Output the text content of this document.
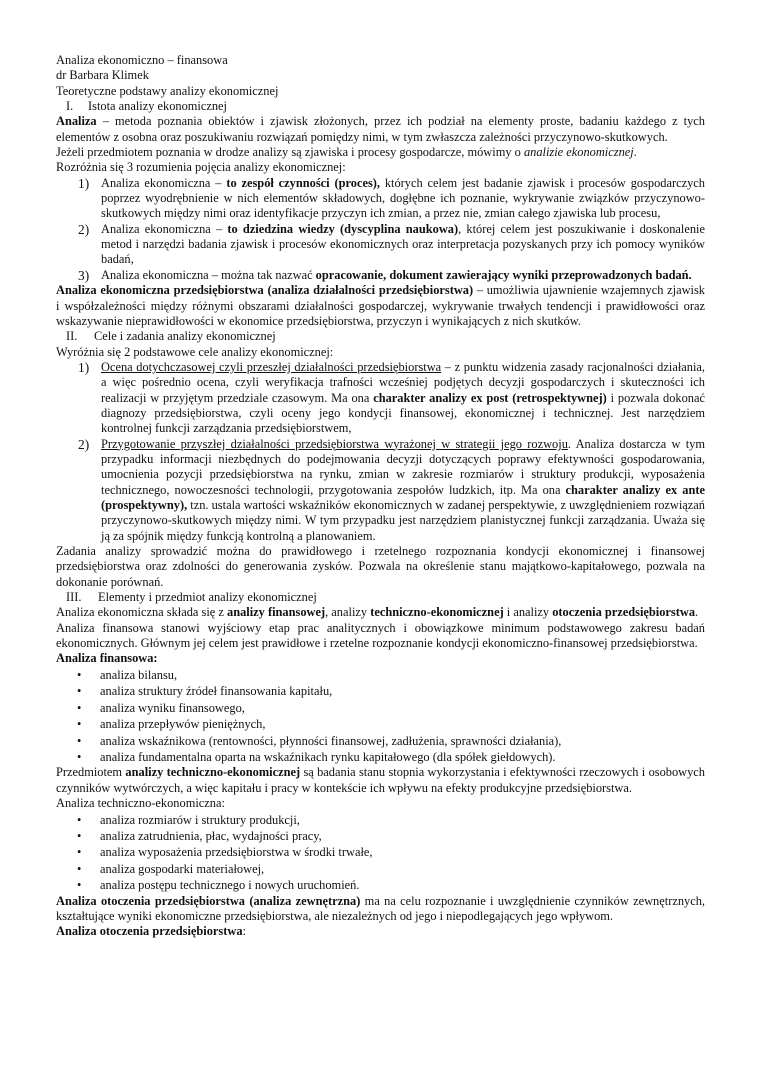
Analiza ekonomiczno – finansowa

dr Barbara Klimek

Teoretyczne podstawy analizy ekonomicznej

I. Istota analizy ekonomicznej

Analiza – metoda poznania obiektów i zjawisk złożonych, przez ich podział na elementy proste, badaniu każdego z tych elementów z osobna oraz poszukiwaniu rozwiązań pomiędzy nimi, w tym zwłaszcza zależności przyczynowo-skutkowych.

Jeżeli przedmiotem poznania w drodze analizy są zjawiska i procesy gospodarcze, mówimy o analizie ekonomicznej.

Rozróżnia się 3 rozumienia pojęcia analizy ekonomicznej:

1) Analiza ekonomiczna – to zespół czynności (proces), których celem jest badanie zjawisk i procesów gospodarczych poprzez wyodrębnienie w nich elementów składowych, dogłębne ich poznanie, wykrywanie związków przyczynowo-skutkowych między nimi oraz identyfikacje przyczyn ich zmian, a przez nie, zmian całego zjawiska lub procesu,
2) Analiza ekonomiczna – to dziedzina wiedzy (dyscyplina naukowa), której celem jest poszukiwanie i doskonalenie metod i narzędzi badania zjawisk i procesów ekonomicznych oraz interpretacja pozyskanych przy ich pomocy wyników badań,
3) Analiza ekonomiczna – można tak nazwać opracowanie, dokument zawierający wyniki przeprowadzonych badań.

Analiza ekonomiczna przedsiębiorstwa (analiza działalności przedsiębiorstwa) – umożliwia ujawnienie wzajemnych zjawisk i współzależności między różnymi obszarami działalności gospodarczej, wykrywanie trwałych tendencji i prawidłowości oraz wskazywanie nieprawidłowości w ekonomice przedsiębiorstwa, przyczyn i wynikających z nich skutków.

II. Cele i zadania analizy ekonomicznej

Wyróżnia się 2 podstawowe cele analizy ekonomicznej:

1) Ocena dotychczasowej czyli przeszłej działalności przedsiębiorstwa – z punktu widzenia zasady racjonalności działania, a więc pośrednio ocena, czyli weryfikacja trafności wcześniej podjętych decyzji gospodarczych i skuteczności ich realizacji w przyjętym przedziale czasowym. Ma ona charakter analizy ex post (retrospektywnej) i pozwala dokonać diagnozy przedsiębiorstwa, czyli oceny jego kondycji finansowej, ekonomicznej i technicznej. Jest narzędziem kontrolnej funkcji zarządzania przedsiębiorstwem,
2) Przygotowanie przyszłej działalności przedsiębiorstwa wyrażonej w strategii jego rozwoju. Analiza dostarcza w tym przypadku informacji niezbędnych do podejmowania decyzji dotyczących poprawy efektywności gospodarowania, umocnienia pozycji przedsiębiorstwa na rynku, zmian w zakresie rozmiarów i struktury produkcji, wyposażenia technicznego, nowoczesności technologii, przygotowania zespołów ludzkich, itp. Ma ona charakter analizy ex ante (prospektywny), tzn. ustala wartości wskaźników ekonomicznych w zadanej perspektywie, z uwzględnieniem rozwiązań przyczynowo-skutkowych między nimi. W tym przypadku jest narzędziem planistycznej funkcji zarządzania. Uważa się ją za spójnik między funkcją kontrolną a planowaniem.

Zadania analizy sprowadzić można do prawidłowego i rzetelnego rozpoznania kondycji ekonomicznej i finansowej przedsiębiorstwa oraz zdolności do generowania zysków. Pozwala na określenie stanu majątkowo-kapitałowego, pozwala na dokonanie porównań.

III. Elementy i przedmiot analizy ekonomicznej

Analiza ekonomiczna składa się z analizy finansowej, analizy techniczno-ekonomicznej i analizy otoczenia przedsiębiorstwa.

Analiza finansowa stanowi wyjściowy etap prac analitycznych i obowiązkowe minimum podstawowego zakresu badań ekonomicznych. Głównym jej celem jest prawidłowe i rzetelne rozpoznanie kondycji ekonomiczno-finansowej przedsiębiorstwa.

Analiza finansowa:

• analiza bilansu,
• analiza struktury źródeł finansowania kapitału,
• analiza wyniku finansowego,
• analiza przepływów pieniężnych,
• analiza wskaźnikowa (rentowności, płynności finansowej, zadłużenia, sprawności działania),
• analiza fundamentalna oparta na wskaźnikach rynku kapitałowego (dla spółek giełdowych).

Przedmiotem analizy techniczno-ekonomicznej są badania stanu stopnia wykorzystania i efektywności rzeczowych i osobowych czynników wytwórczych, a więc kapitału i pracy w kontekście ich wpływu na efekty produkcyjne przedsiębiorstwa.

Analiza techniczno-ekonomiczna:

• analiza rozmiarów i struktury produkcji,
• analiza zatrudnienia, płac, wydajności pracy,
• analiza wyposażenia przedsiębiorstwa w środki trwałe,
• analiza gospodarki materiałowej,
• analiza postępu technicznego i nowych uruchomień.

Analiza otoczenia przedsiębiorstwa (analiza zewnętrzna) ma na celu rozpoznanie i uwzględnienie czynników zewnętrznych, kształtujące wyniki ekonomiczne przedsiębiorstwa, ale niezależnych od jego i niepodlegających jego wpływom.

Analiza otoczenia przedsiębiorstwa:
